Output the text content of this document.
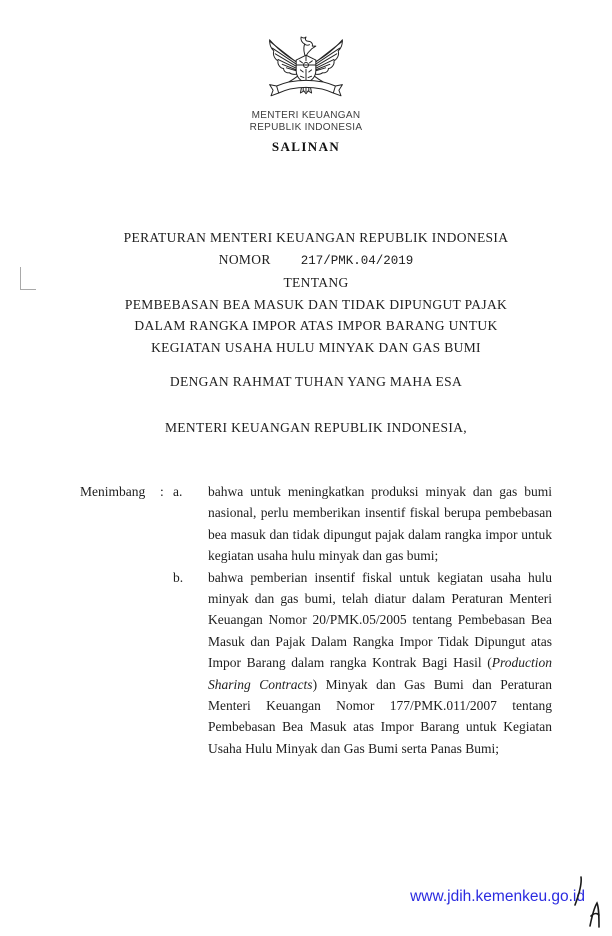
MENTERI KEUANGAN
REPUBLIK INDONESIA
SALINAN
PERATURAN MENTERI KEUANGAN REPUBLIK INDONESIA
NOMOR 217/PMK.04/2019
TENTANG
PEMBEBASAN BEA MASUK DAN TIDAK DIPUNGUT PAJAK
DALAM RANGKA IMPOR ATAS IMPOR BARANG UNTUK
KEGIATAN USAHA HULU MINYAK DAN GAS BUMI
DENGAN RAHMAT TUHAN YANG MAHA ESA
MENTERI KEUANGAN REPUBLIK INDONESIA,
Menimbang	: a.	bahwa untuk meningkatkan produksi minyak dan gas bumi nasional, perlu memberikan insentif fiskal berupa pembebasan bea masuk dan tidak dipungut pajak dalam rangka impor untuk kegiatan usaha hulu minyak dan gas bumi;

b.	bahwa pemberian insentif fiskal untuk kegiatan usaha hulu minyak dan gas bumi, telah diatur dalam Peraturan Menteri Keuangan Nomor 20/PMK.05/2005 tentang Pembebasan Bea Masuk dan Pajak Dalam Rangka Impor Tidak Dipungut atas Impor Barang dalam rangka Kontrak Bagi Hasil (Production Sharing Contracts) Minyak dan Gas Bumi dan Peraturan Menteri Keuangan Nomor 177/PMK.011/2007 tentang Pembebasan Bea Masuk atas Impor Barang untuk Kegiatan Usaha Hulu Minyak dan Gas Bumi serta Panas Bumi;

www.jdih.kemenkeu.go.id
